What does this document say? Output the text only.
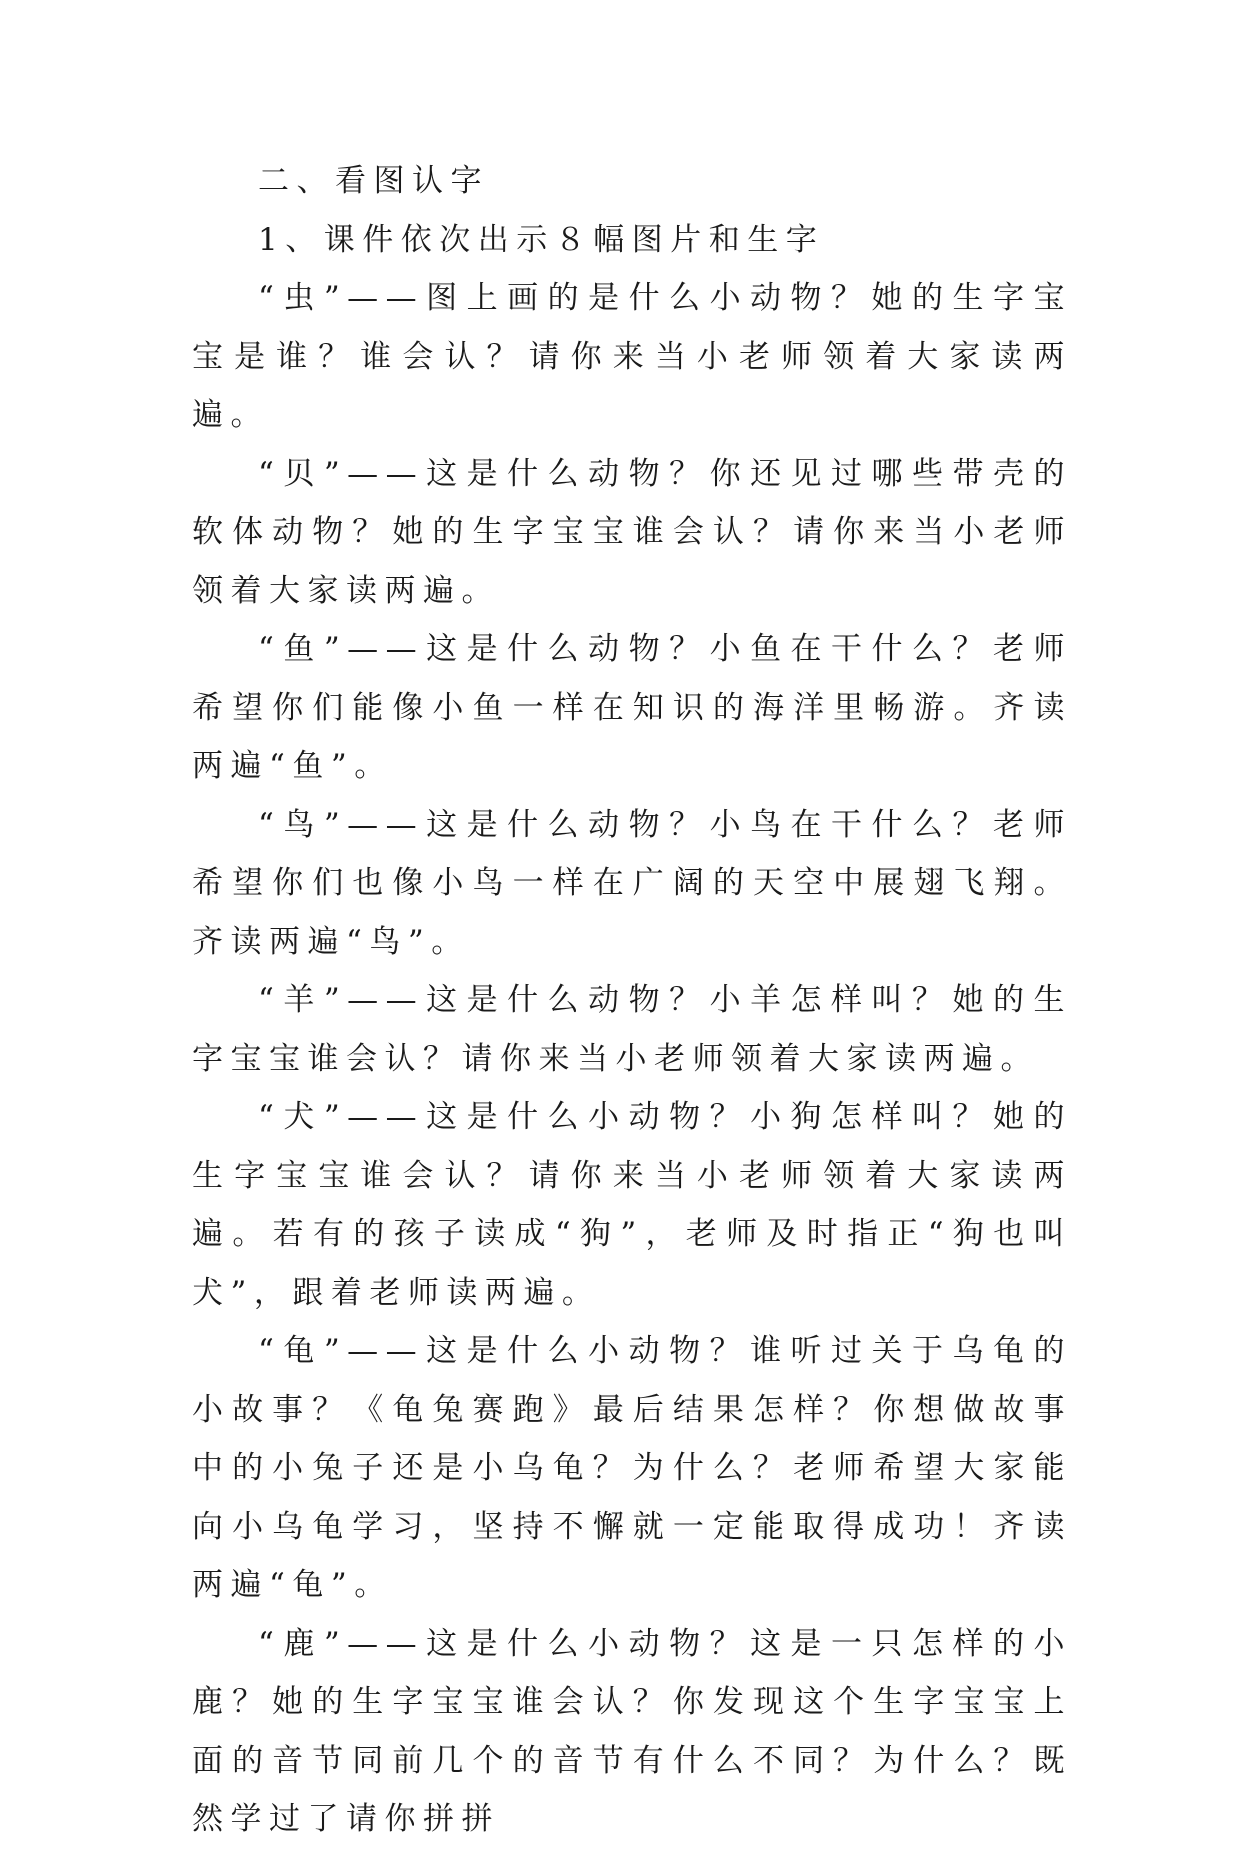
二、看图认字

1、课件依次出示８幅图片和生字

“虫”——图上画的是什么小动物？她的生字宝宝是谁？谁会认？请你来当小老师领着大家读两遍。

“贝”——这是什么动物？你还见过哪些带壳的软体动物？她的生字宝宝谁会认？请你来当小老师领着大家读两遍。

“鱼”——这是什么动物？小鱼在干什么？老师希望你们能像小鱼一样在知识的海洋里畅游。齐读两遍“鱼”。

“鸟”——这是什么动物？小鸟在干什么？老师希望你们也像小鸟一样在广阔的天空中展翅飞翔。齐读两遍“鸟”。

“羊”——这是什么动物？小羊怎样叫？她的生字宝宝谁会认？请你来当小老师领着大家读两遍。

“犬”——这是什么小动物？小狗怎样叫？她的生字宝宝谁会认？请你来当小老师领着大家读两遍。若有的孩子读成“狗”，老师及时指正“狗也叫犬”，跟着老师读两遍。

“龟”——这是什么小动物？谁听过关于乌龟的小故事？《龟兔赛跑》最后结果怎样？你想做故事中的小兔子还是小乌龟？为什么？老师希望大家能向小乌龟学习，坚持不懈就一定能取得成功！齐读两遍“龟”。

“鹿”——这是什么小动物？这是一只怎样的小鹿？她的生字宝宝谁会认？你发现这个生字宝宝上面的音节同前几个的音节有什么不同？为什么？既然学过了请你拼拼
